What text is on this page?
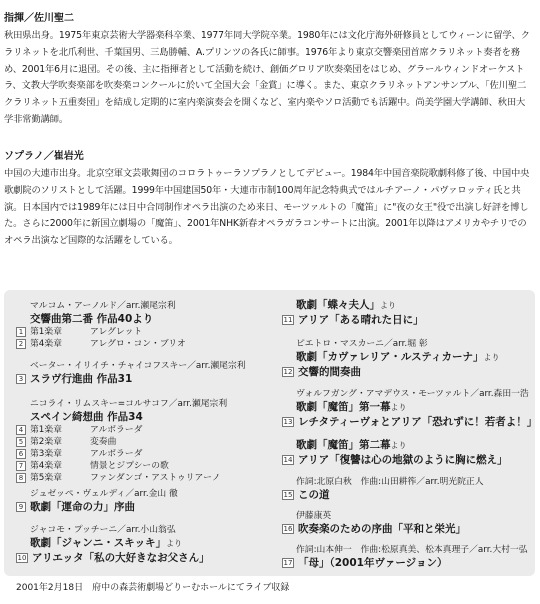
指揮／佐川聖二
秋田県出身。1975年東京芸術大学器楽科卒業、1977年同大学院卒業。1980年には文化庁海外研修員としてウィーンに留学、クラリネットを北爪利世、千葉国男、三島勝輔、A.プリンツの各氏に師事。1976年より東京交響楽団首席クラリネット奏者を務め、2001年6月に退団。その後、主に指揮者として活動を続け、創価グロリア吹奏楽団をはじめ、グラールウィンドオーケストラ、文教大学吹奏楽部を吹奏楽コンクールに於いて全国大会「金賞」に導く。また、東京クラリネットアンサンブル、「佐川聖二クラリネット五重奏団」を結成し定期的に室内楽演奏会を開くなど、室内楽やソロ活動でも活躍中。尚美学園大学講師、秋田大学非常勤講師。
ソプラノ／崔岩光
中国の大連市出身。北京空軍文芸歌舞団のコロラトゥーラソプラノとしてデビュー。1984年中国音楽院歌劇科修了後、中国中央歌劇院のソリストとして活躍。1999年中国建国50年・大連市市制100周年記念特典式ではルチアーノ・パヴァロッティ氏と共演。日本国内では1989年には日中合同制作オペラ出演のため来日、モーツァルトの「魔笛」に"夜の女王"役で出演し好評を博した。さらに2000年に新国立劇場の「魔笛」、2001年NHK新春オペラガラコンサートに出演。2001年以降はアメリカやチリでのオペラ出演など国際的な活躍をしている。
マルコム・アーノルド／arr.瀬尾宗利
交響曲第二番 作品40より
1 第1楽章	アレグレット
2 第4楽章	アレグロ・コン・ブリオ
ベーター・イリイチ・チャイコフスキー／arr.瀬尾宗利
3 スラヴ行進曲 作品31
ニコライ・リムスキー=コルサコフ／arr.瀬尾宗利
スペイン綺想曲 作品34
4 第1楽章	アルボラーダ
5 第2楽章	変奏曲
6 第3楽章	アルボラーダ
7 第4楽章	情景とジプシーの歌
8 第5楽章	ファンダンゴ・アストゥリアーノ
ジュゼッペ・ヴェルディ／arr.金山 徹
9 歌劇「運命の力」序曲
ジャコモ・プッチーニ／arr.小山翁弘
歌劇「ジャンニ・スキッキ」より
10 アリエッタ「私の大好きなお父さん」
歌劇「蝶々夫人」より
11 アリア「ある晴れた日に」
ピエトロ・マスカーニ／arr.堀 彰
歌劇「カヴァレリア・ルスティカーナ」より
12 交響的間奏曲
ヴォルフガング・アマデウス・モーツァルト／arr.森田一浩
歌劇「魔笛」第一幕より
13 レチタティーヴォとアリア「恐れずに！若者よ！」
歌劇「魔笛」第二幕より
14 アリア「復讐は心の地獄のように胸に燃え」
作詞:北原白秋　作曲:山田耕筰／arr.明光院正人
15 この道
伊藤康英
16 吹奏楽のための序曲「平和と栄光」
作詞:山本伸一　作曲:松原真美、松本真理子／arr.大村一弘
17 「母」（2001年ヴァージョン）
2001年2月18日　府中の森芸術劇場どりーむホールにてライブ収録
